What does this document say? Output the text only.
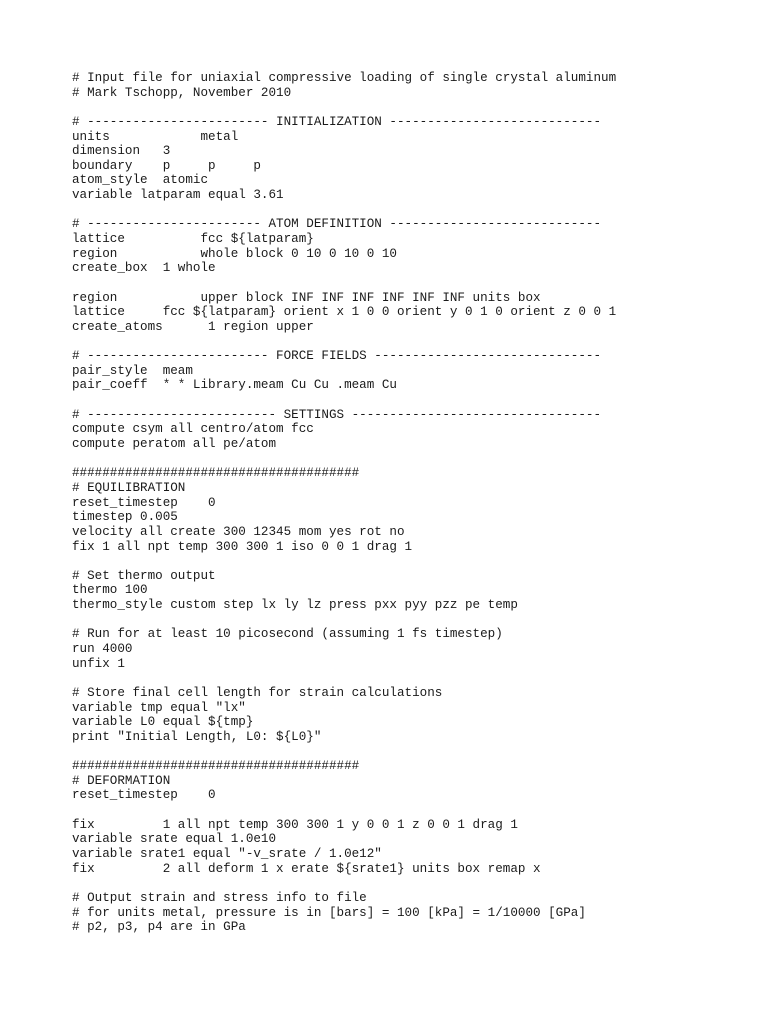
# Input file for uniaxial compressive loading of single crystal aluminum
# Mark Tschopp, November 2010
# ------------------------ INITIALIZATION ----------------------------
units            metal
dimension   3
boundary    p     p     p
atom_style  atomic
variable latparam equal 3.61
# ----------------------- ATOM DEFINITION ----------------------------
lattice          fcc ${latparam}
region           whole block 0 10 0 10 0 10
create_box  1 whole
region           upper block INF INF INF INF INF INF units box
lattice     fcc ${latparam} orient x 1 0 0 orient y 0 1 0 orient z 0 0 1
create_atoms      1 region upper
# ------------------------ FORCE FIELDS ------------------------------
pair_style  meam
pair_coeff  * * Library.meam Cu Cu .meam Cu
# ------------------------- SETTINGS ---------------------------------
compute csym all centro/atom fcc
compute peratom all pe/atom
######################################
# EQUILIBRATION
reset_timestep    0
timestep 0.005
velocity all create 300 12345 mom yes rot no
fix 1 all npt temp 300 300 1 iso 0 0 1 drag 1
# Set thermo output
thermo 100
thermo_style custom step lx ly lz press pxx pyy pzz pe temp
# Run for at least 10 picosecond (assuming 1 fs timestep)
run 4000
unfix 1
# Store final cell length for strain calculations
variable tmp equal "lx"
variable L0 equal ${tmp}
print "Initial Length, L0: ${L0}"
######################################
# DEFORMATION
reset_timestep    0
fix         1 all npt temp 300 300 1 y 0 0 1 z 0 0 1 drag 1
variable srate equal 1.0e10
variable srate1 equal "-v_srate / 1.0e12"
fix         2 all deform 1 x erate ${srate1} units box remap x
# Output strain and stress info to file
# for units metal, pressure is in [bars] = 100 [kPa] = 1/10000 [GPa]
# p2, p3, p4 are in GPa
